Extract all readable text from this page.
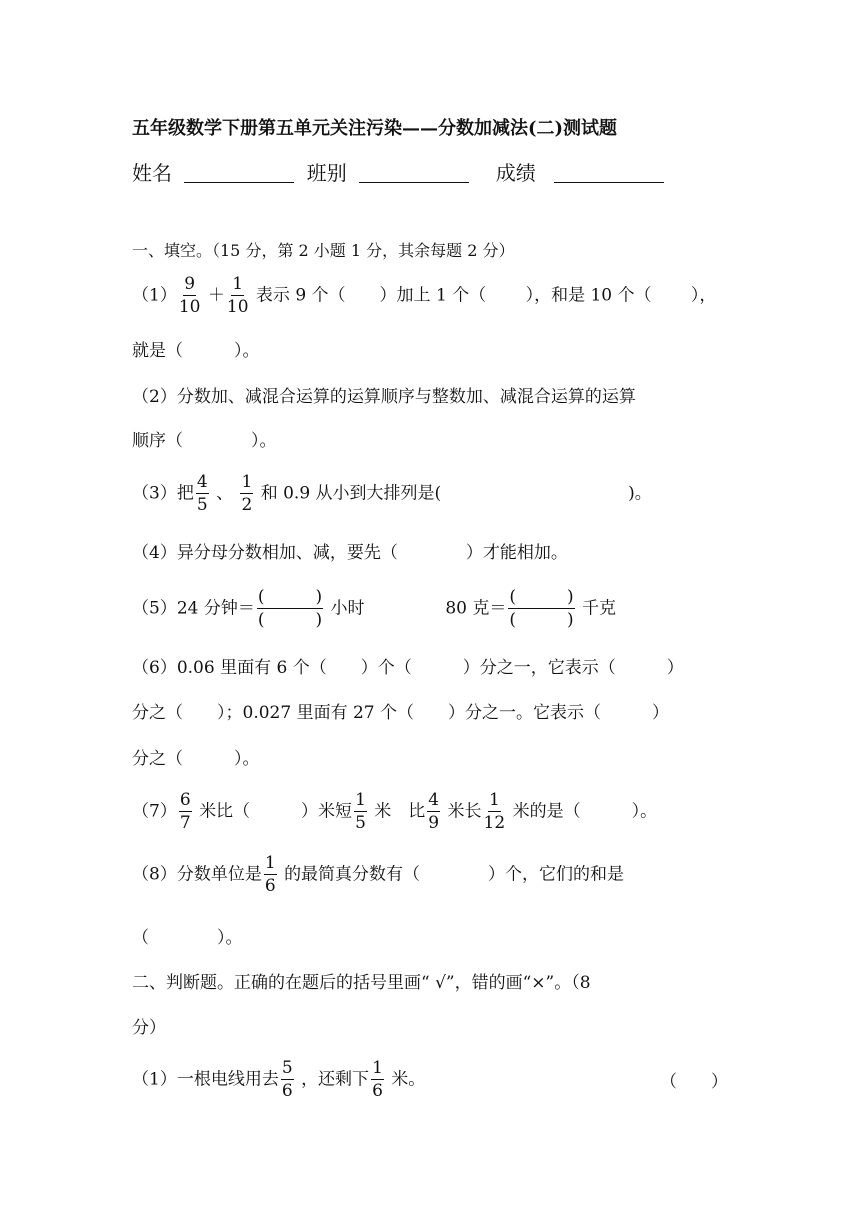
五年级数学下册第五单元关注污染——分数加减法(二)测试题
姓名	班别	成绩
一、填空。（15 分，第 2 小题 1 分，其余每题 2 分）
$(1) \frac{9}{10} + \frac{1}{10}$ 表示 9 个（　　）加上 1 个（　　 ），和是 10 个（　　 ），
就是（　　　）。
（2）分数加、减混合运算的运算顺序与整数加、减混合运算的运算
顺序（　　　　）。
（3）把 $\frac{4}{5}$ 、 $\frac{1}{2}$ 和 0.9 从小到大排列是(　　　　　　　　　　　)。
（4）异分母分数相加、减，要先（　　　　）才能相加。
（5）24 分钟＝ $\frac{( )}{( )}$ 小时	80 克＝ $\frac{( )}{( )}$ 千克
（6）0.06 里面有 6 个（　　）个（　　　）分之一，它表示（　　　）
分之（　　）；0.027 里面有 27 个（　　）分之一。它表示（　　　）
分之（　　　）。
$(7) \frac{6}{7}$ 米比（　　　）米短 $\frac{1}{5}$ 米　比 $\frac{4}{9}$ 米长 $\frac{1}{12}$ 米的是（　　　）。
（8）分数单位是 $\frac{1}{6}$ 的最简真分数有（　　　　）个，它们的和是
（　　　　）。
二、判断题。正确的在题后的括号里画“ √”，错的画“×”。（8
分）
（1）一根电线用去 $\frac{5}{6}$ ，还剩下 $\frac{1}{6}$ 米。	（　　）
